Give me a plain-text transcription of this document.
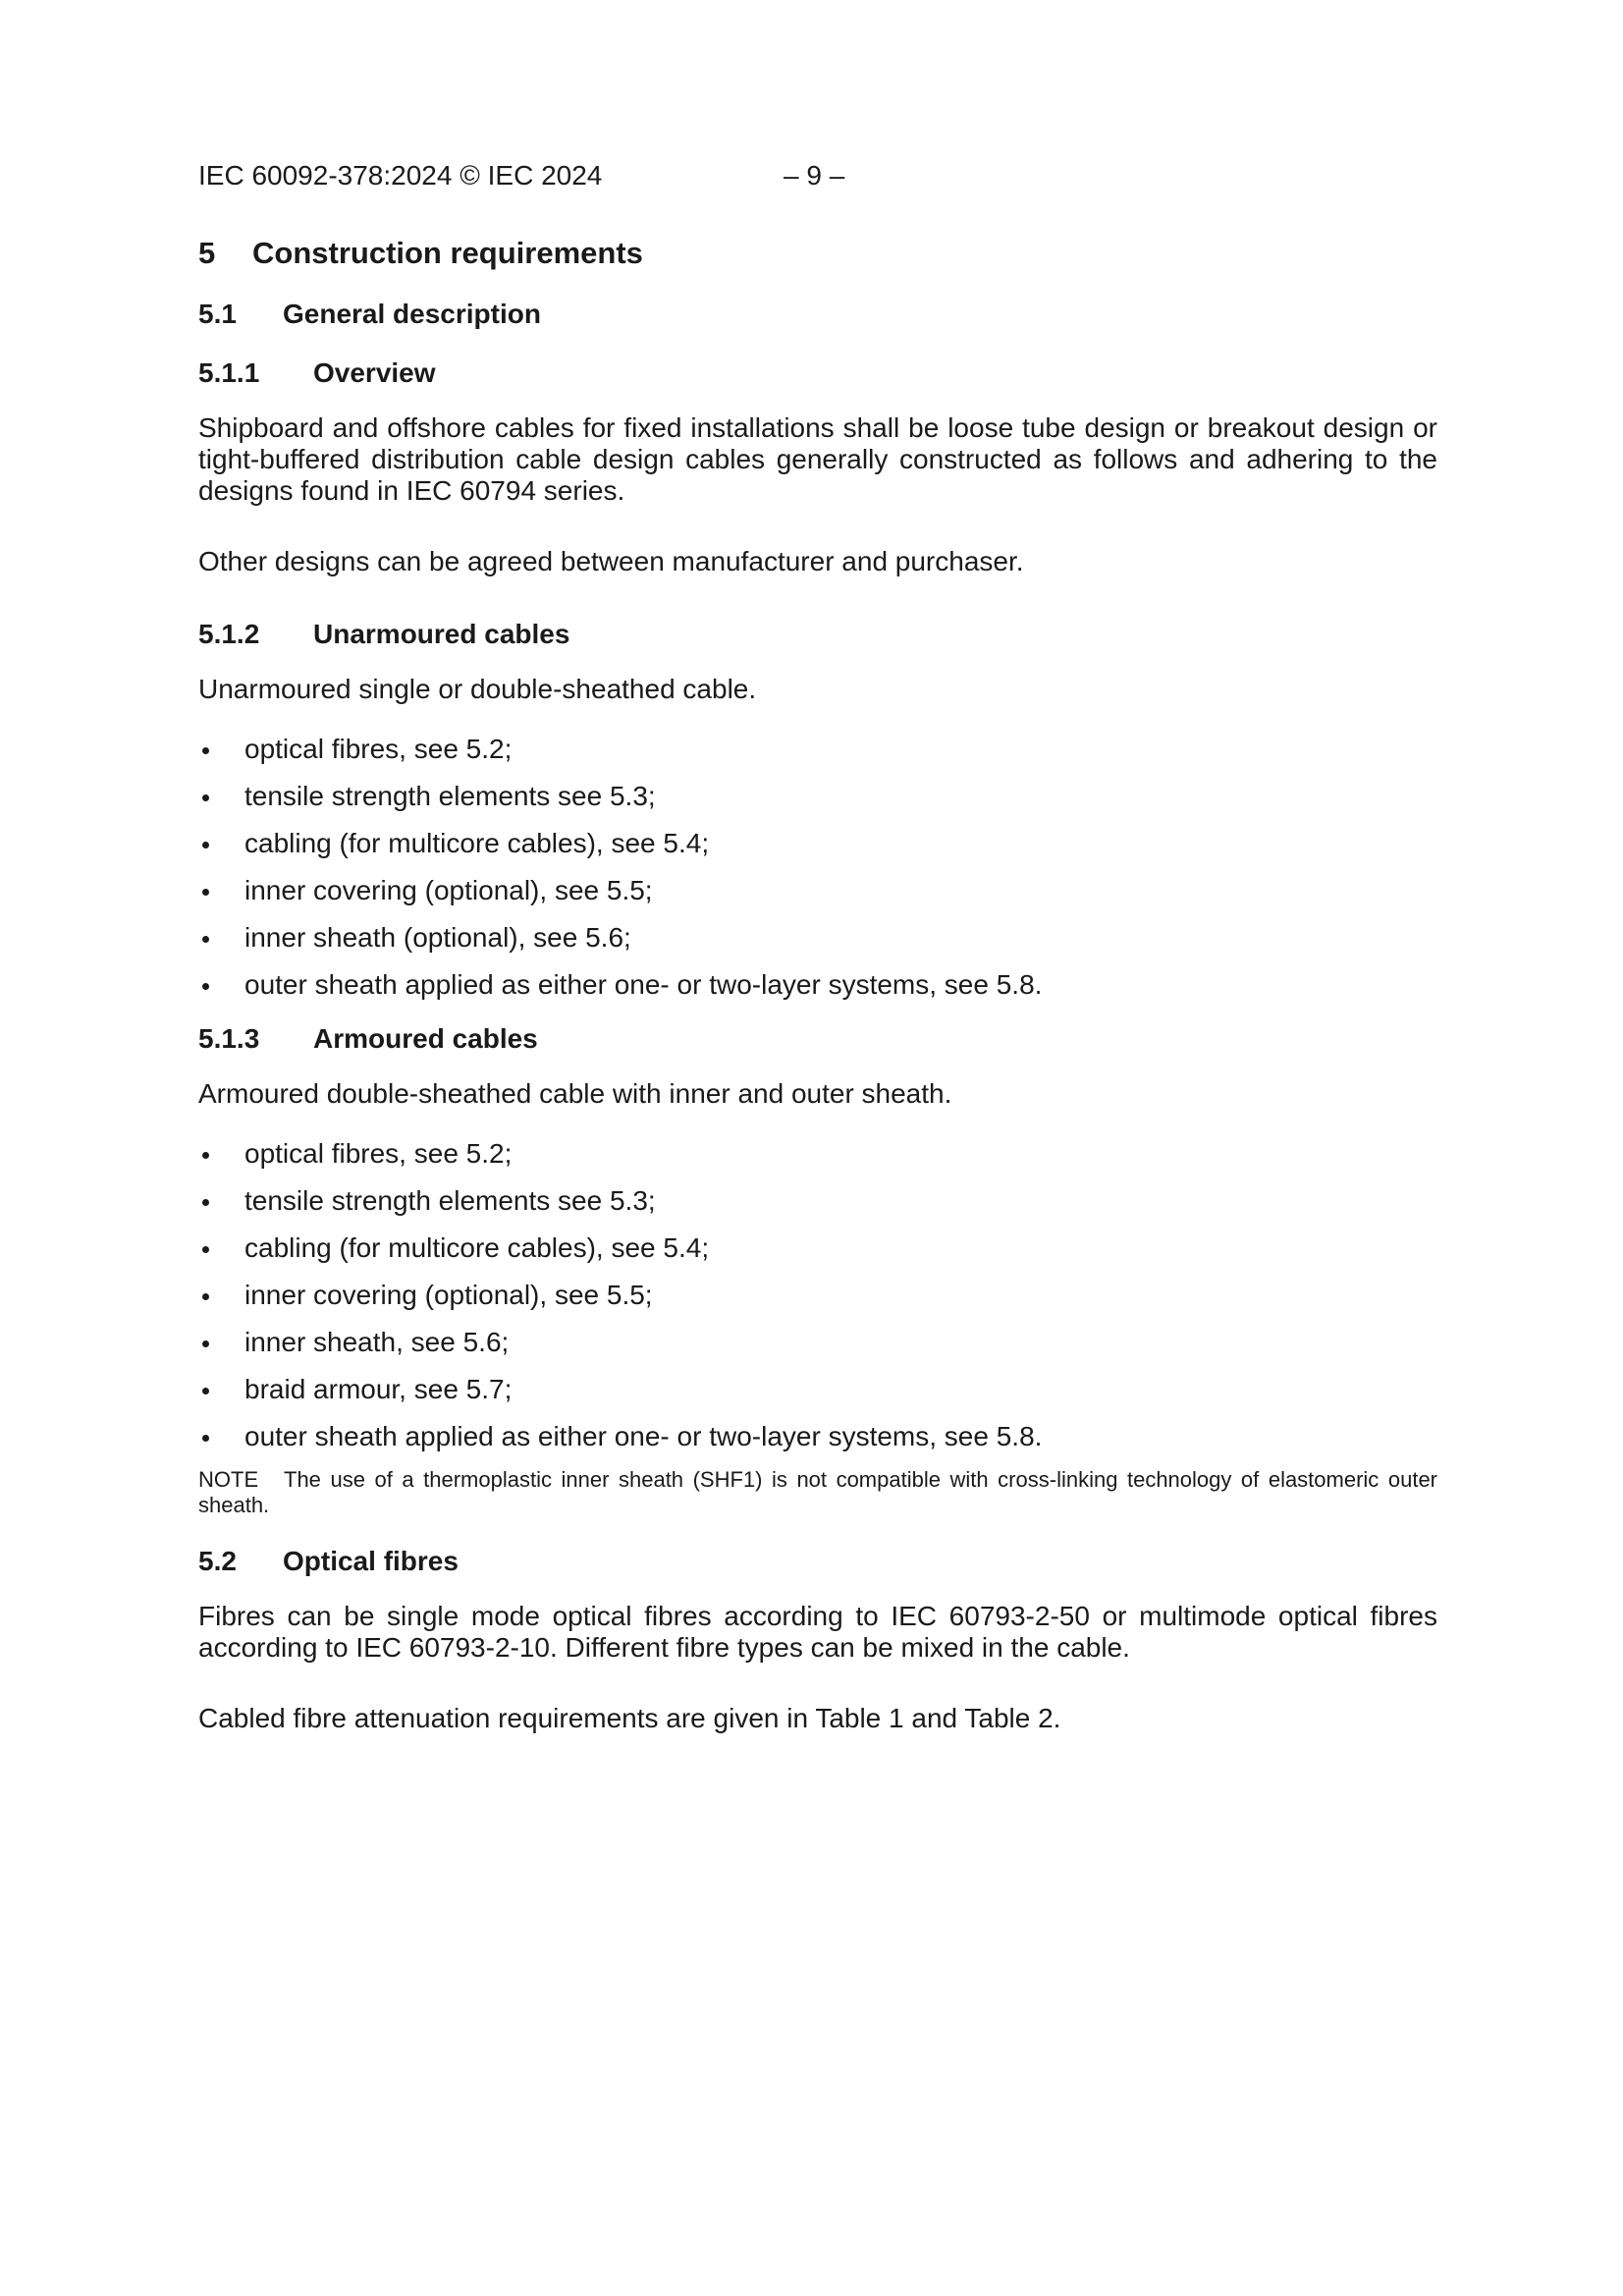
IEC 60092-378:2024 © IEC 2024	– 9 –
5 Construction requirements
5.1 General description
5.1.1 Overview

Shipboard and offshore cables for fixed installations shall be loose tube design or breakout design or tight-buffered distribution cable design cables generally constructed as follows and adhering to the designs found in IEC 60794 series.

Other designs can be agreed between manufacturer and purchaser.

5.1.2 Unarmoured cables

Unarmoured single or double-sheathed cable.

optical fibres, see 5.2;
tensile strength elements see 5.3;
cabling (for multicore cables), see 5.4;
inner covering (optional), see 5.5;
inner sheath (optional), see 5.6;
outer sheath applied as either one- or two-layer systems, see 5.8.
5.1.3 Armoured cables

Armoured double-sheathed cable with inner and outer sheath.

optical fibres, see 5.2;
tensile strength elements see 5.3;
cabling (for multicore cables), see 5.4;
inner covering (optional), see 5.5;
inner sheath, see 5.6;
braid armour, see 5.7;
outer sheath applied as either one- or two-layer systems, see 5.8.

NOTE The use of a thermoplastic inner sheath (SHF1) is not compatible with cross-linking technology of elastomeric outer sheath.

5.2 Optical fibres

Fibres can be single mode optical fibres according to IEC 60793-2-50 or multimode optical fibres according to IEC 60793-2-10. Different fibre types can be mixed in the cable.

Cabled fibre attenuation requirements are given in Table 1 and Table 2.
